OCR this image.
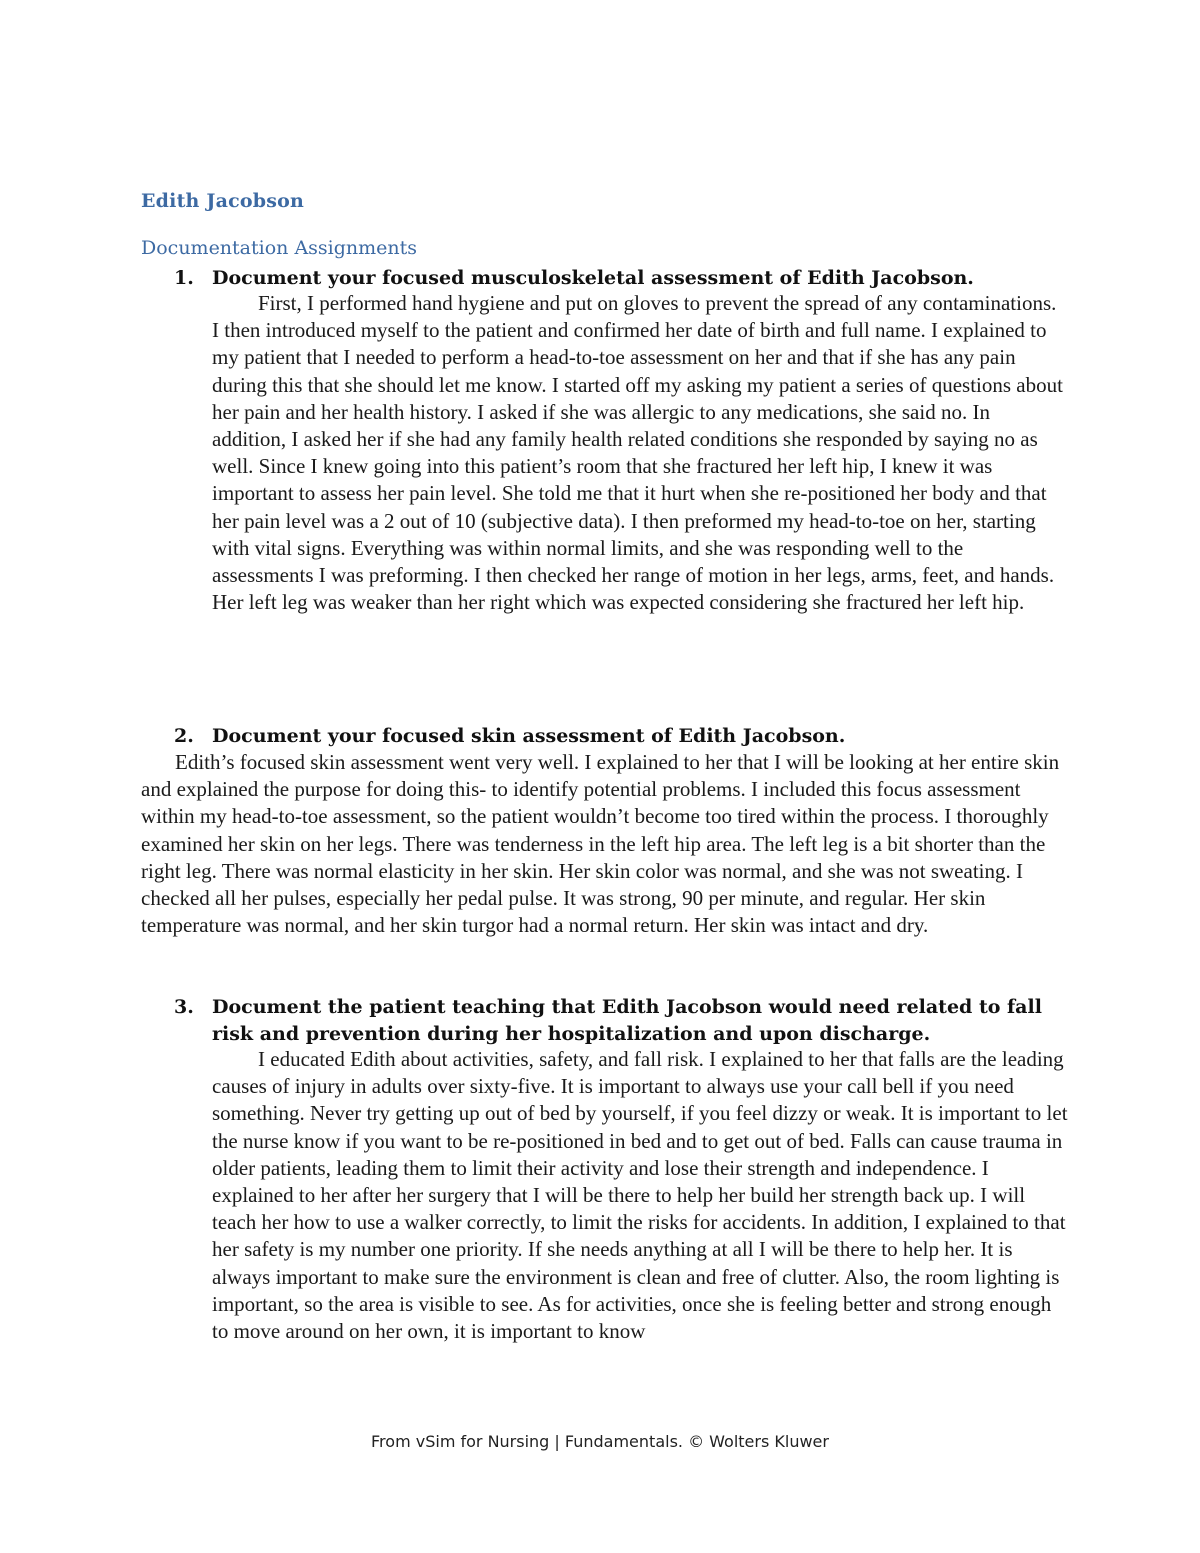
Edith Jacobson
Documentation Assignments
1. Document your focused musculoskeletal assessment of Edith Jacobson.
First, I performed hand hygiene and put on gloves to prevent the spread of any contaminations. I then introduced myself to the patient and confirmed her date of birth and full name. I explained to my patient that I needed to perform a head-to-toe assessment on her and that if she has any pain during this that she should let me know. I started off my asking my patient a series of questions about her pain and her health history. I asked if she was allergic to any medications, she said no. In addition, I asked her if she had any family health related conditions she responded by saying no as well. Since I knew going into this patient’s room that she fractured her left hip, I knew it was important to assess her pain level. She told me that it hurt when she re-positioned her body and that her pain level was a 2 out of 10 (subjective data). I then preformed my head-to-toe on her, starting with vital signs. Everything was within normal limits, and she was responding well to the assessments I was preforming. I then checked her range of motion in her legs, arms, feet, and hands. Her left leg was weaker than her right which was expected considering she fractured her left hip.
2. Document your focused skin assessment of Edith Jacobson.
Edith’s focused skin assessment went very well. I explained to her that I will be looking at her entire skin and explained the purpose for doing this- to identify potential problems. I included this focus assessment within my head-to-toe assessment, so the patient wouldn’t become too tired within the process. I thoroughly examined her skin on her legs. There was tenderness in the left hip area. The left leg is a bit shorter than the right leg. There was normal elasticity in her skin. Her skin color was normal, and she was not sweating. I checked all her pulses, especially her pedal pulse. It was strong, 90 per minute, and regular. Her skin temperature was normal, and her skin turgor had a normal return. Her skin was intact and dry.
3. Document the patient teaching that Edith Jacobson would need related to fall risk and prevention during her hospitalization and upon discharge.
I educated Edith about activities, safety, and fall risk. I explained to her that falls are the leading causes of injury in adults over sixty-five. It is important to always use your call bell if you need something. Never try getting up out of bed by yourself, if you feel dizzy or weak. It is important to let the nurse know if you want to be re-positioned in bed and to get out of bed. Falls can cause trauma in older patients, leading them to limit their activity and lose their strength and independence. I explained to her after her surgery that I will be there to help her build her strength back up. I will teach her how to use a walker correctly, to limit the risks for accidents. In addition, I explained to that her safety is my number one priority. If she needs anything at all I will be there to help her. It is always important to make sure the environment is clean and free of clutter. Also, the room lighting is important, so the area is visible to see. As for activities, once she is feeling better and strong enough to move around on her own, it is important to know
From vSim for Nursing | Fundamentals. © Wolters Kluwer
